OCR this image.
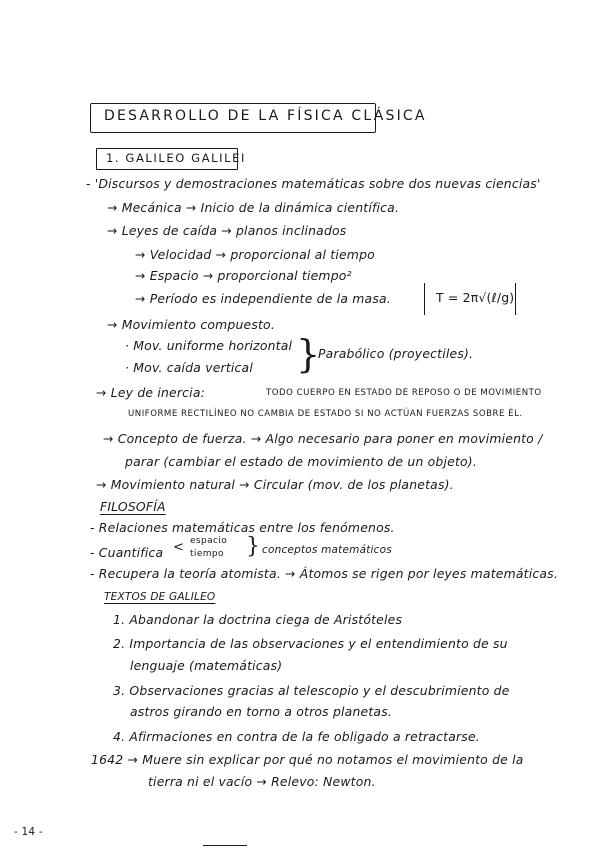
DESARROLLO DE LA FÍSICA CLÁSICA
1. GALILEO GALILEI
- 'Discursos y demostraciones matemáticas sobre dos nuevas ciencias'
→ Mecánica → Inicio de la dinámica científica.
→ Leyes de caída → planos inclinados
→ Velocidad → proporcional al tiempo
→ Espacio → proporcional tiempo²
→ Período es independiente de la masa.	T = 2π√(ℓ/g)
→ Movimiento compuesto.
· Mov. uniforme horizontal
· Mov. caída vertical }
Parabólico (proyectiles).
→ Ley de inercia:	TODO CUERPO EN ESTADO DE REPOSO O DE MOVIMIENTO
UNIFORME RECTILÍNEO NO CAMBIA DE ESTADO SI NO ACTÚAN FUERZAS SOBRE ÉL.
→ Concepto de fuerza. → Algo necesario para poner en movimiento /
parar (cambiar el estado de movimiento de un objeto).
→ Movimiento natural → Circular (mov. de los planetas).
FILOSOFÍA
- Relaciones matemáticas entre los fenómenos.
- Cuantifica < espacio
tiempo } conceptos matemáticos
- Recupera la teoría atomista. → Átomos se rigen por leyes matemáticas.
TEXTOS DE GALILEO
1. Abandonar la doctrina ciega de Aristóteles
2. Importancia de las observaciones y el entendimiento de su
lenguaje (matemáticas)
3. Observaciones gracias al telescopio y el descubrimiento de
astros girando en torno a otros planetas.
4. Afirmaciones en contra de la fe obligado a retractarse.
1642 → Muere sin explicar por qué no notamos el movimiento de la
tierra ni el vacío → Relevo: Newton.
- 14 -
